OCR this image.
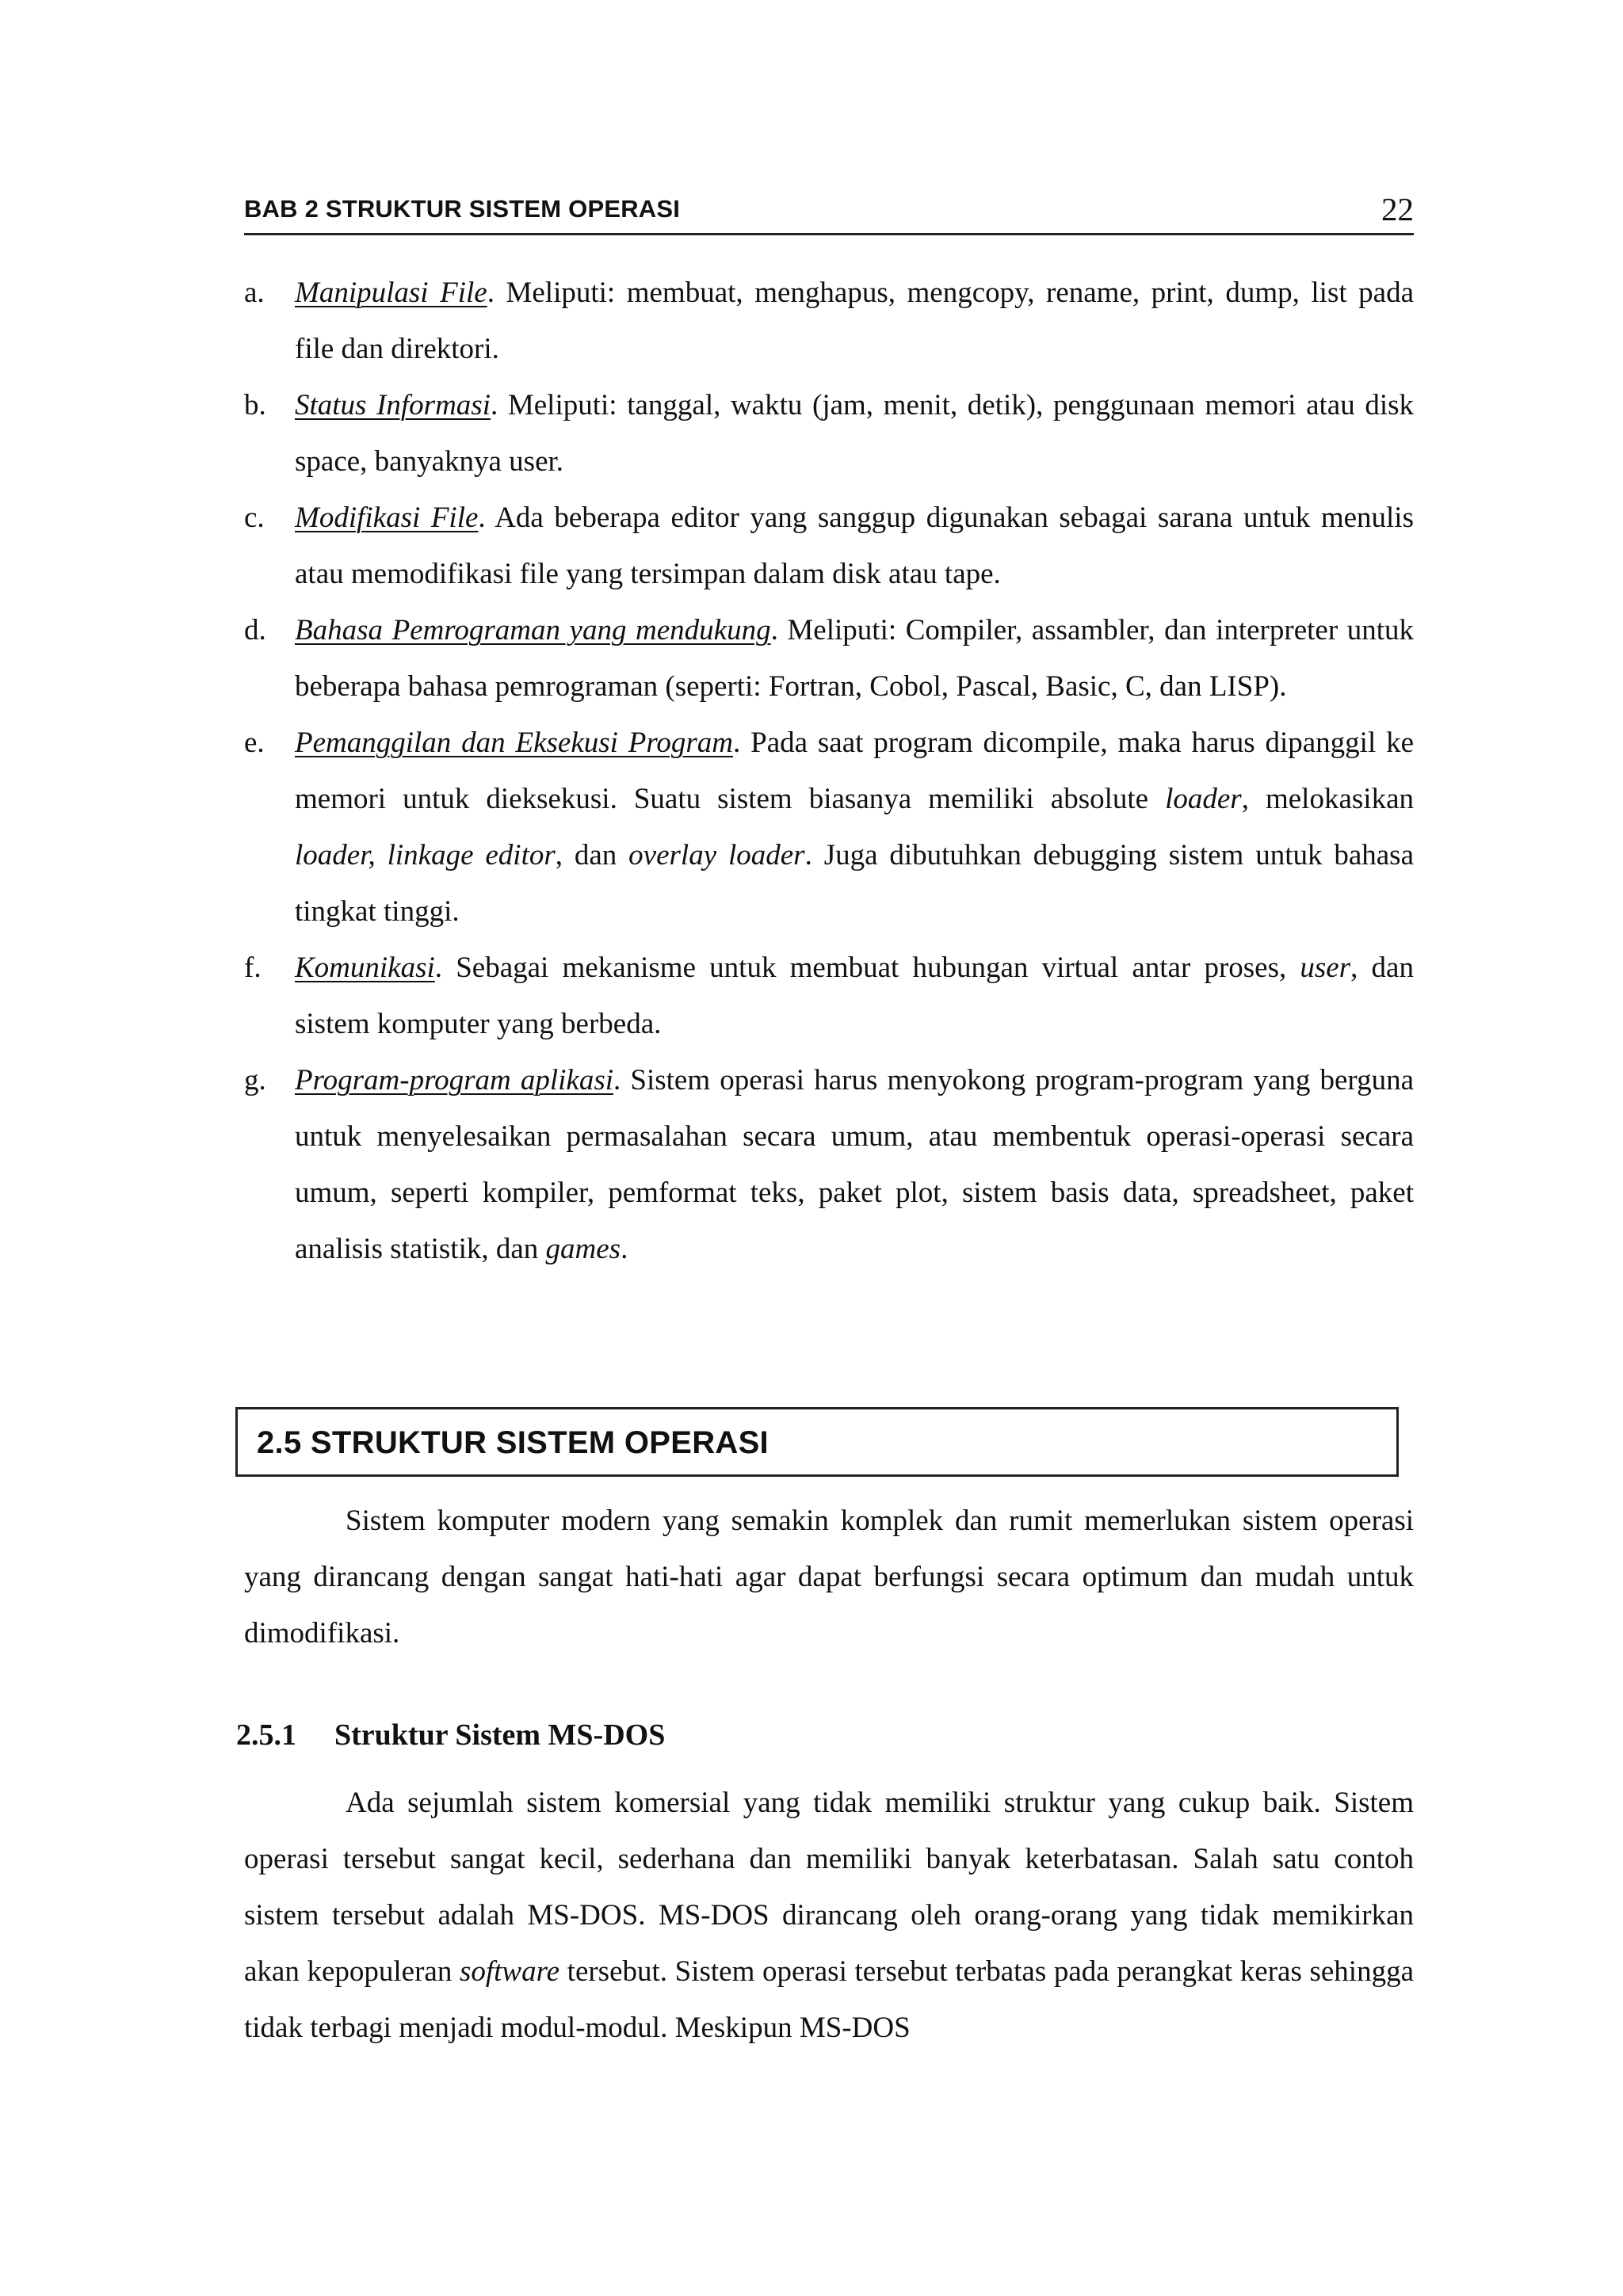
BAB 2 STRUKTUR SISTEM OPERASI	22
a. Manipulasi File. Meliputi: membuat, menghapus, mengcopy, rename, print, dump, list pada file dan direktori.
b. Status Informasi. Meliputi: tanggal, waktu (jam, menit, detik), penggunaan memori atau disk space, banyaknya user.
c. Modifikasi File. Ada beberapa editor yang sanggup digunakan sebagai sarana untuk menulis atau memodifikasi file yang tersimpan dalam disk atau tape.
d. Bahasa Pemrograman yang mendukung. Meliputi: Compiler, assambler, dan interpreter untuk beberapa bahasa pemrograman (seperti: Fortran, Cobol, Pascal, Basic, C, dan LISP).
e. Pemanggilan dan Eksekusi Program. Pada saat program dicompile, maka harus dipanggil ke memori untuk dieksekusi. Suatu sistem biasanya memiliki absolute loader, melokasikan loader, linkage editor, dan overlay loader. Juga dibutuhkan debugging sistem untuk bahasa tingkat tinggi.
f. Komunikasi. Sebagai mekanisme untuk membuat hubungan virtual antar proses, user, dan sistem komputer yang berbeda.
g. Program-program aplikasi. Sistem operasi harus menyokong program-program yang berguna untuk menyelesaikan permasalahan secara umum, atau membentuk operasi-operasi secara umum, seperti kompiler, pemformat teks, paket plot, sistem basis data, spreadsheet, paket analisis statistik, dan games.
2.5 STRUKTUR SISTEM OPERASI

Sistem komputer modern yang semakin komplek dan rumit memerlukan sistem operasi yang dirancang dengan sangat hati-hati agar dapat berfungsi secara optimum dan mudah untuk dimodifikasi.

2.5.1 Struktur Sistem MS-DOS

Ada sejumlah sistem komersial yang tidak memiliki struktur yang cukup baik. Sistem operasi tersebut sangat kecil, sederhana dan memiliki banyak keterbatasan. Salah satu contoh sistem tersebut adalah MS-DOS. MS-DOS dirancang oleh orang-orang yang tidak memikirkan akan kepopuleran software tersebut. Sistem operasi tersebut terbatas pada perangkat keras sehingga tidak terbagi menjadi modul-modul. Meskipun MS-DOS
